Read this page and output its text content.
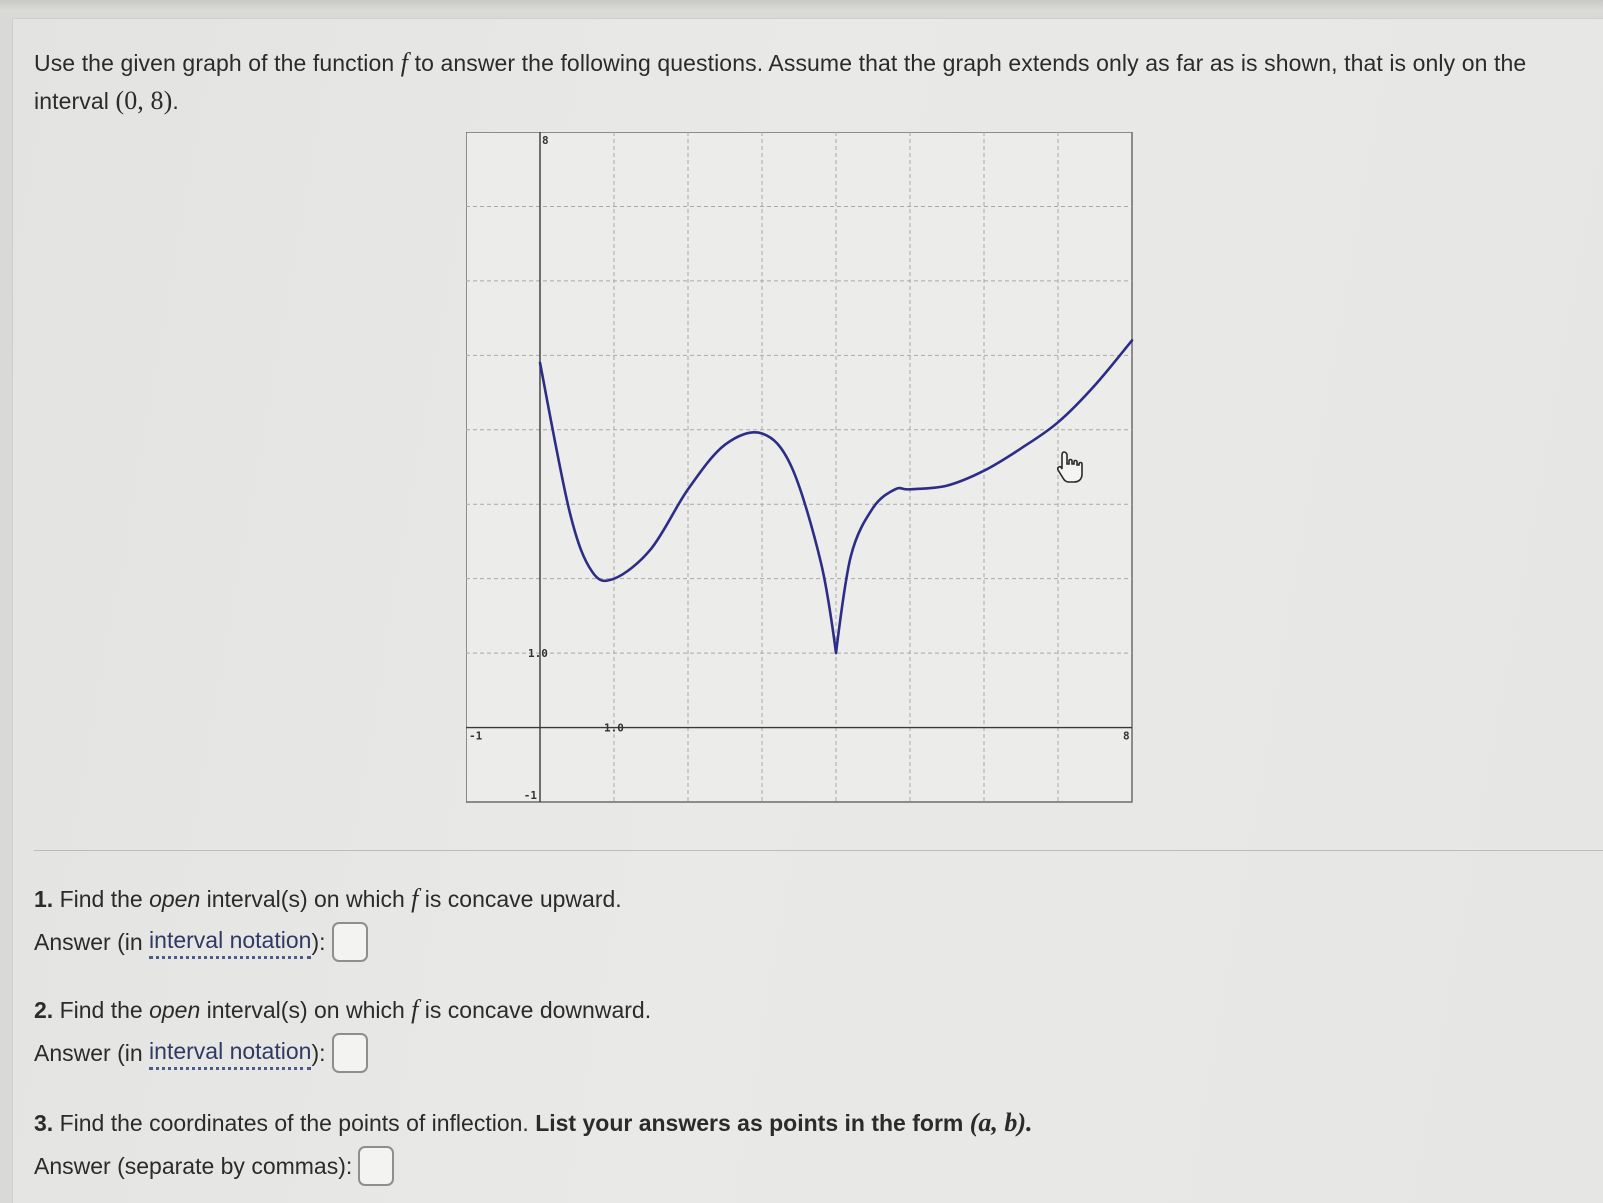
Use the given graph of the function f to answer the following questions. Assume that the graph extends only as far as is shown, that is only on the interval (0, 8).
-1
-1
1.0
1.0
8
8
1. Find the open interval(s) on which f is concave upward.
Answer (in
interval notation ):
2. Find the open interval(s) on which f is concave downward.
Answer (in
interval notation ):
3. Find the coordinates of the points of inflection. List your answers as points in the form (a, b).
Answer (separate by commas):
